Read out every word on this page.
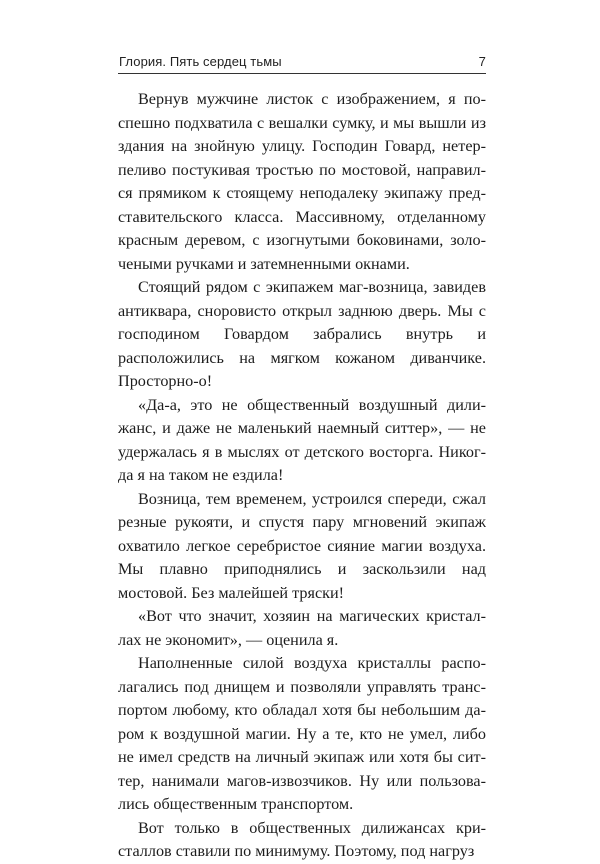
Глория. Пять сердец тьмы	7

Вернув мужчине листок с изображением, я поспешно подхватила с вешалки сумку, и мы вышли из здания на знойную улицу. Господин Говард, нетерпеливо постукивая тростью по мостовой, направился прямиком к стоящему неподалеку экипажу представительского класса. Массивному, отделанному красным деревом, с изогнутыми боковинами, золочеными ручками и затемненными окнами.

Стоящий рядом с экипажем маг-возница, завидев антиквара, сноровисто открыл заднюю дверь. Мы с господином Говардом забрались внутрь и расположились на мягком кожаном диванчике. Просторно-о!

«Да-а, это не общественный воздушный дилижанс, и даже не маленький наемный ситтер», — не удержалась я в мыслях от детского восторга. Никогда я на таком не ездила!

Возница, тем временем, устроился спереди, сжал резные рукояти, и спустя пару мгновений экипаж охватило легкое серебристое сияние магии воздуха. Мы плавно приподнялись и заскользили над мостовой. Без малейшей тряски!

«Вот что значит, хозяин на магических кристаллах не экономит», — оценила я.

Наполненные силой воздуха кристаллы располагались под днищем и позволяли управлять транспортом любому, кто обладал хотя бы небольшим даром к воздушной магии. Ну а те, кто не умел, либо не имел средств на личный экипаж или хотя бы ситтер, нанимали магов-извозчиков. Ну или пользовались общественным транспортом.

Вот только в общественных дилижансах кристаллов ставили по минимуму. Поэтому, под нагруз
